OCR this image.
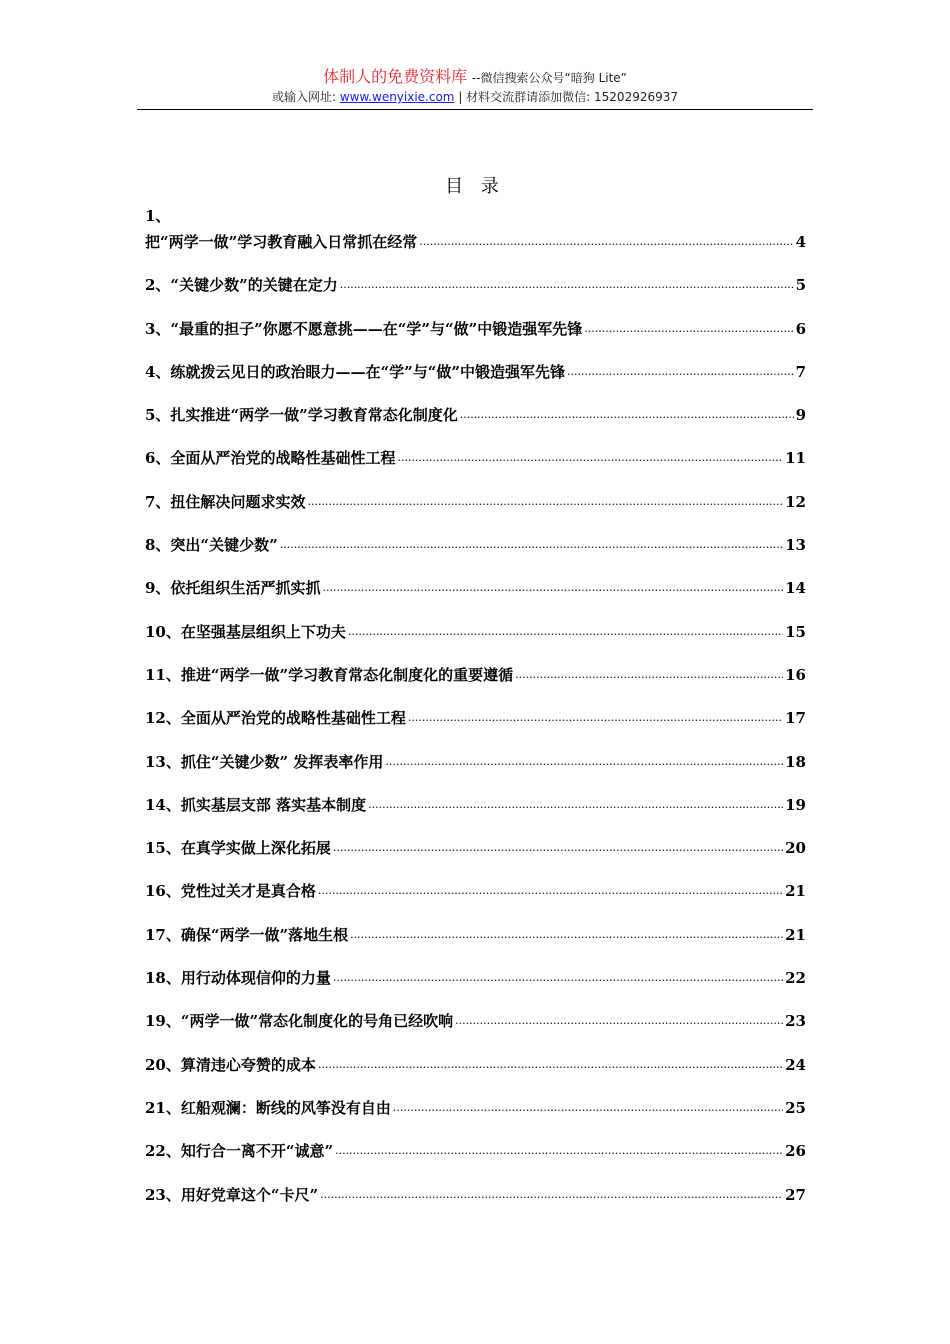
体制人的免费资料库 --微信搜索公众号“暗狗 Lite”
或输入网址: www.wenyixie.com | 材料交流群请添加微信: 15202926937
目 录
1、
把“两学一做”学习教育融入日常抓在经常 .....	4
2、“关键少数”的关键在定力 .....	5
3、“最重的担子”你愿不愿意挑——在“学”与“做”中锻造强军先锋 .....	6
4、练就拨云见日的政治眼力——在“学”与“做”中锻造强军先锋 .....	7
5、扎实推进“两学一做”学习教育常态化制度化 .....	9
6、全面从严治党的战略性基础性工程 .....	11
7、扭住解决问题求实效 .....	12
8、突出“关键少数” .....	13
9、依托组织生活严抓实抓 .....	14
10、在坚强基层组织上下功夫 .....	15
11、推进“两学一做”学习教育常态化制度化的重要遵循 .....	16
12、全面从严治党的战略性基础性工程 .....	17
13、抓住“关键少数” 发挥表率作用 .....	18
14、抓实基层支部 落实基本制度 .....	19
15、在真学实做上深化拓展 .....	20
16、党性过关才是真合格 .....	21
17、确保“两学一做”落地生根 .....	21
18、用行动体现信仰的力量 .....	22
19、“两学一做”常态化制度化的号角已经吹响 .....	23
20、算清违心夸赞的成本 .....	24
21、红船观澜：断线的风筝没有自由 .....	25
22、知行合一离不开“诚意” .....	26
23、用好党章这个“卡尺” .....	27
